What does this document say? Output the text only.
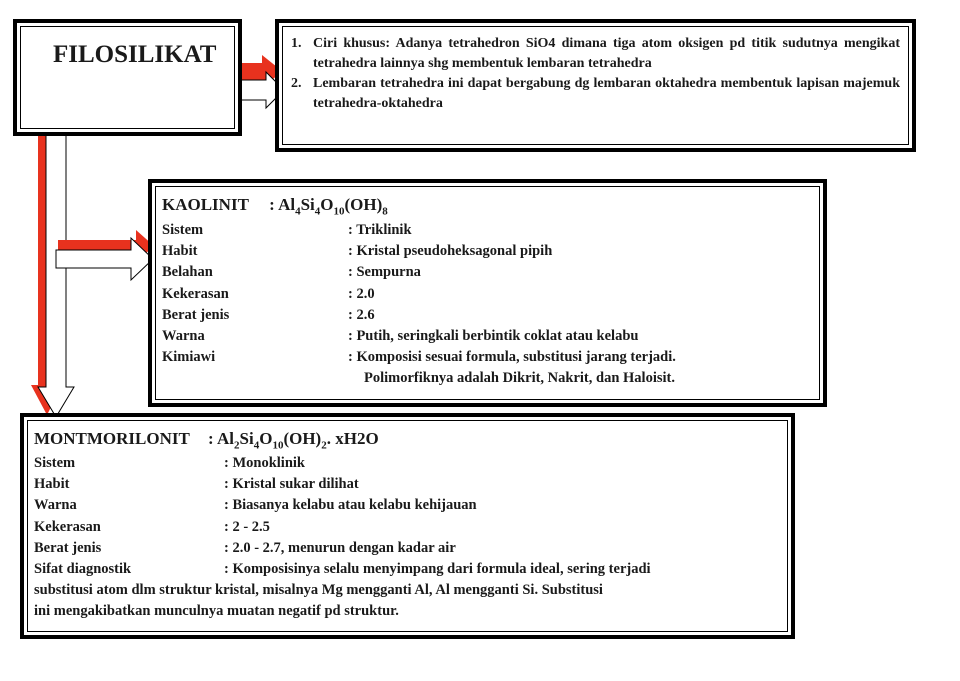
FILOSILIKAT	1. Ciri khusus: Adanya tetrahedron SiO4 dimana tiga atom oksigen pd titik sudutnya mengikat tetrahedra lainnya shg membentuk lembaran tetrahedra
2. Lembaran tetrahedra ini dapat bergabung dg lembaran oktahedra membentuk lapisan majemuk tetrahedra-oktahedra
KAOLINIT : $Al_4Si_4O_{10}(OH)_8$
Sistem	: Triklinik
Habit	: Kristal pseudoheksagonal pipih
Belahan	: Sempurna
Kekerasan	: 2.0
Berat jenis	: 2.6
Warna	: Putih, seringkali berbintik coklat atau kelabu
Kimiawi	: Komposisi sesuai formula, substitusi jarang terjadi.
Polimorfiknya adalah Dikrit, Nakrit, dan Haloisit.
MONTMORILONIT : $Al_2Si_4O_{10}(OH)_2$. xH2O
Sistem	: Monoklinik
Habit	: Kristal sukar dilihat
Warna	: Biasanya kelabu atau kelabu kehijauan
Kekerasan	: 2 - 2.5
Berat jenis	: 2.0 - 2.7, menurun dengan kadar air
Sifat diagnostik	: Komposisinya selalu menyimpang dari formula ideal, sering terjadi
substitusi atom dlm struktur kristal, misalnya Mg mengganti Al, Al mengganti Si. Substitusi
ini mengakibatkan munculnya muatan negatif pd struktur.
